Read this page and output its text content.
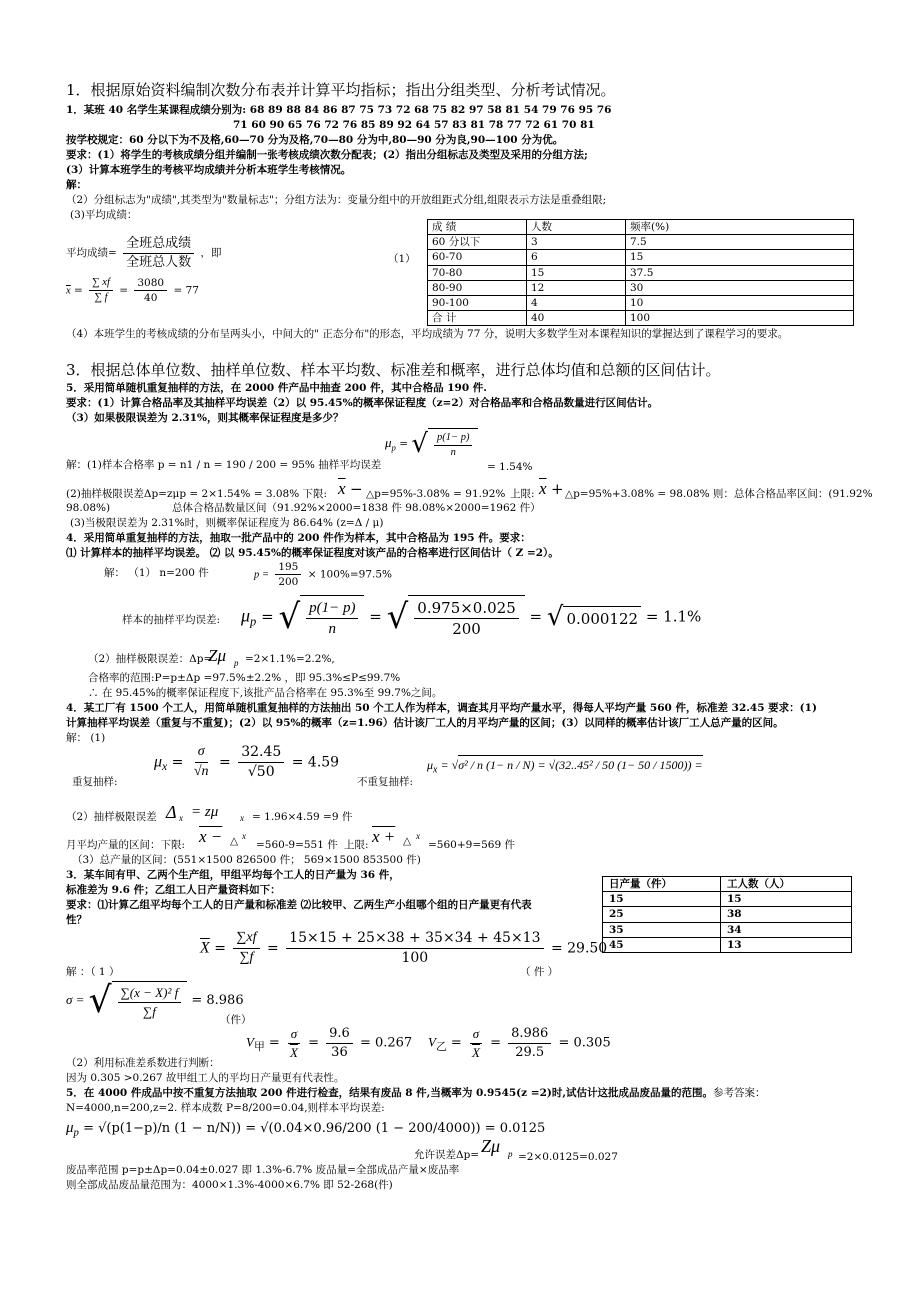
1．根据原始资料编制次数分布表并计算平均指标；指出分组类型、分析考试情况。
1．某班 40 名学生某课程成绩分别为: 68 89 88 84 86 87 75 73 72 68 75 82 97 58 81 54 79 76 95 76
71 60 90 65 76 72 76 85 89 92 64 57 83 81 78 77 72 61 70 81
按学校规定：60 分以下为不及格,60—70 分为及格,70—80 分为中,80—90 分为良,90—100 分为优。
要求：(1）将学生的考核成绩分组并编制一张考核成绩次数分配表；(2）指出分组标志及类型及采用的分组方法;
(3）计算本班学生的考核平均成绩并分析本班学生考核情况。
解：
（2）分组标志为"成绩",其类型为"数量标志"；分组方法为：变量分组中的开放组距式分组,组限表示方法是重叠组限;
(3)平均成绩：
平均成绩= $\frac{\text{全班总成绩}}{\text{全班总人数}}$ ，即
$\overline{x} = \frac{\sum xf}{\sum f} = \frac{3080}{40} = 77$
（1）
成 绩	人数	频率(%)
60 分以下	3	7.5
60-70	6	15
70-80	15	37.5
80-90	12	30
90-100	4	10
合 计	40	100
（4）本班学生的考核成绩的分布呈两头小，中间大的" 正态分布"的形态，平均成绩为 77 分，说明大多数学生对本课程知识的掌握达到了课程学习的要求。
3．根据总体单位数、抽样单位数、样本平均数、标准差和概率，进行总体均值和总额的区间估计。
5．采用简单随机重复抽样的方法，在 2000 件产品中抽查 200 件，其中合格品 190 件.
要求：(1）计算合格品率及其抽样平均误差（2）以 95.45%的概率保证程度（z=2）对合格品率和合格品数量进行区间估计。
（3）如果极限误差为 2.31%，则其概率保证程度是多少？
$\mu_p$ = √ $\frac{p(1- p)}{n}$
解：(1)样本合格率 p = n1 / n = 190 / 200 = 95% 抽样平均误差	= 1.54%
(2)抽样极限误差Δp=zμp = 2×1.54% = 3.08% 下限: $\overline{x}$ − △p=95%-3.08% = 91.92% 上限: $\overline{x}$ + △p=95%+3.08% = 98.08% 则：总体合格品率区间：(91.92%
98.08%)	总体合格品数量区间（91.92%×2000=1838 件 98.08%×2000=1962 件）
(3)当极限误差为 2.31%时，则概率保证程度为 86.64% (z=Δ / μ)
4．采用简单重复抽样的方法，抽取一批产品中的 200 件作为样本，其中合格品为 195 件。要求：
⑴ 计算样本的抽样平均误差。 ⑵ 以 95.45%的概率保证程度对该产品的合格率进行区间估计（ Z =2）。
解： （1） n=200 件	$p = \frac{195}{200} \times 100\%=97.5\%$
样本的抽样平均误差: $\mu_p$ = √ $\frac{p(1- p)}{n}$ = √ $\frac{0.975\times 0.025}{200}$ = √ 0.000122 = 1.1%
（2）抽样极限误差：Δp=
Zμ p =2×1.1%=2.2%,
合格率的范围:P=p±Δp =97.5%±2.2% ，即 95.3%≤P≤99.7%
∴ 在 95.45%的概率保证程度下,该批产品合格率在 95.3%至 99.7%之间。
4．某工厂有 1500 个工人，用简单随机重复抽样的方法抽出 50 个工人作为样本，调查其月平均产量水平，得每人平均产量 560 件，标准差 32.45 要求：(1)
计算抽样平均误差（重复与不重复)；(2）以 95%的概率（z=1.96）估计该厂工人的月平均产量的区间；(3）以同样的概率估计该厂工人总产量的区间。
解： (1)
$\mu_x = \frac{\sigma}{√n} = \frac{32.45}{√50} = 4.59$
重复抽样:	不重复抽样:
$\mu_x = √\sigma^2 / n$ (1− n / N) = √(32..45² / 50 (1− 50 / 1500)) =
（2）抽样极限误差 Δ x = zμ x = 1.96×4.59 =9 件
月平均产量的区间：下限: x − △ x
=560-9=551 件 上限: x + △ x
=560+9=569 件
（3）总产量的区间：(551×1500 826500 件； 569×1500 853500 件)
3．某车间有甲、乙两个生产组，甲组平均每个工人的日产量为 36 件，
标准差为 9.6 件；乙组工人日产量资料如下：
要求：⑴计算乙组平均每个工人的日产量和标准差 ⑵比较甲、乙两生产小组哪个组的日产量更有代表
性？
日产量（件）	工人数（人）
15	15
25	38
35	34
45	13
$\overline{X} = \frac{\sum xf}{\sum f} = \frac{15\times 15 + 25\times 38 + 35\times 34 + 45\times 13}{100} = 29.50$
解 ：（ 1 ）	（ 件 ）
σ = √ $\frac{\text{∑(x − X)² f}}{\sum f} = 8.986$
（件）
$V_甲 = \frac{\sigma}{X} = \frac{9.6}{36} = 0.267$ $V_乙 = \frac{\sigma}{X} = \frac{8.986}{29.5} = 0.305$
（2）利用标准差系数进行判断：
因为 0.305 >0.267 故甲组工人的平均日产量更有代表性。
5．在 4000 件成品中按不重复方法抽取 200 件进行检查，结果有废品 8 件,当概率为 0.9545(z =2)时,试估计这批成品废品量的范围。参考答案：
N=4000,n=200,z=2. 样本成数 P=8/200=0.04,则样本平均误差:
$\mu_p = √(p(1-p)/n$ (1 − n/N)) = √(0.04×0.96/200 (1 − 200/4000)) = 0.0125
允许误差Δp= Zμ p =2×0.0125=0.027
废品率范围 p=p±Δp=0.04±0.027 即 1.3%-6.7% 废品量=全部成品产量×废品率
则全部成品废品量范围为：4000×1.3%-4000×6.7% 即 52-268(件)
